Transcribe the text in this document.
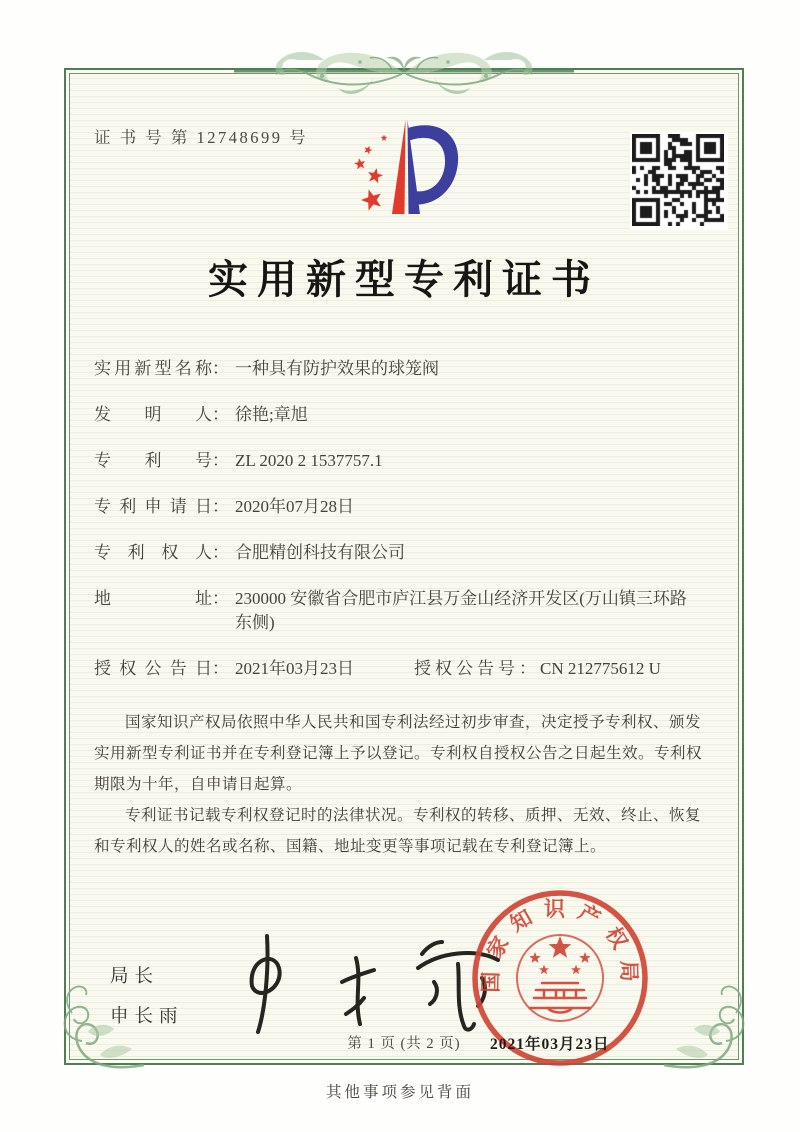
证 书 号 第 12748699 号
实用新型专利证书
实用新型名称 ： 一种具有防护效果的球笼阀
发明人 ： 徐艳;章旭
专利号 ： ZL 2020 2 1537757.1
专利申请日 ： 2020年07月28日
专利权人 ： 合肥精创科技有限公司
地址 ： 230000 安徽省合肥市庐江县万金山经济开发区(万山镇三环路东侧)
授权公告日 ： 2021年03月23日	授权公告号 ： CN 212775612 U

国家知识产权局依照中华人民共和国专利法经过初步审查，决定授予专利权、颁发实用新型专利证书并在专利登记簿上予以登记。专利权自授权公告之日起生效。专利权期限为十年，自申请日起算。

专利证书记载专利权登记时的法律状况。专利权的转移、质押、无效、终止、恢复和专利权人的姓名或名称、国籍、地址变更等事项记载在专利登记簿上。

局长
申长雨
国家知识产权局
2021年03月23日
第 1 页 (共 2 页)
其他事项参见背面
